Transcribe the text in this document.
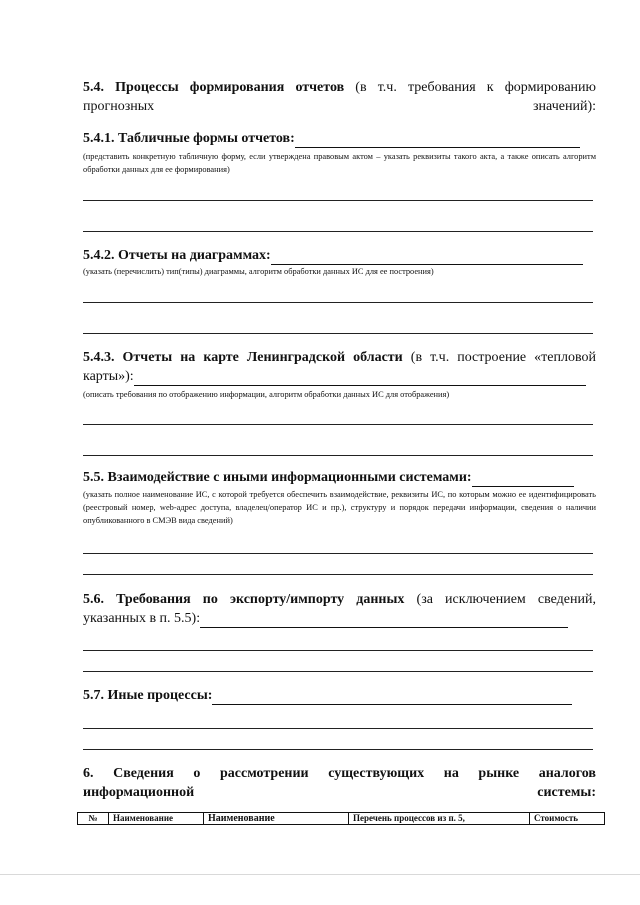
5.4. Процессы формирования отчетов (в т.ч. требования к формированию прогнозных значений):
5.4.1. Табличные формы отчетов:
(представить конкретную табличную форму, если утверждена правовым актом – указать реквизиты такого акта, а также описать алгоритм обработки данных для ее формирования)
5.4.2. Отчеты на диаграммах:
(указать (перечислить) тип(типы) диаграммы, алгоритм обработки данных ИС для ее построения)
5.4.3. Отчеты на карте Ленинградской области (в т.ч. построение «тепловой карты»):
(описать требования по отображению информации, алгоритм обработки данных ИС для отображения)
5.5. Взаимодействие с иными информационными системами:
(указать полное наименование ИС, с которой требуется обеспечить взаимодействие, реквизиты ИС, по которым можно ее идентифицировать (реестровый номер, web-адрес доступа, владелец/оператор ИС и пр.), структуру и порядок передачи информации, сведения о наличии опубликованного в СМЭВ вида сведений)
5.6. Требования по экспорту/импорту данных (за исключением сведений, указанных в п. 5.5):
5.7. Иные процессы:
6. Сведения о рассмотрении существующих на рынке аналогов информационной системы:
№	Наименование	Наименование	Перечень процессов из п. 5,	Стоимость
